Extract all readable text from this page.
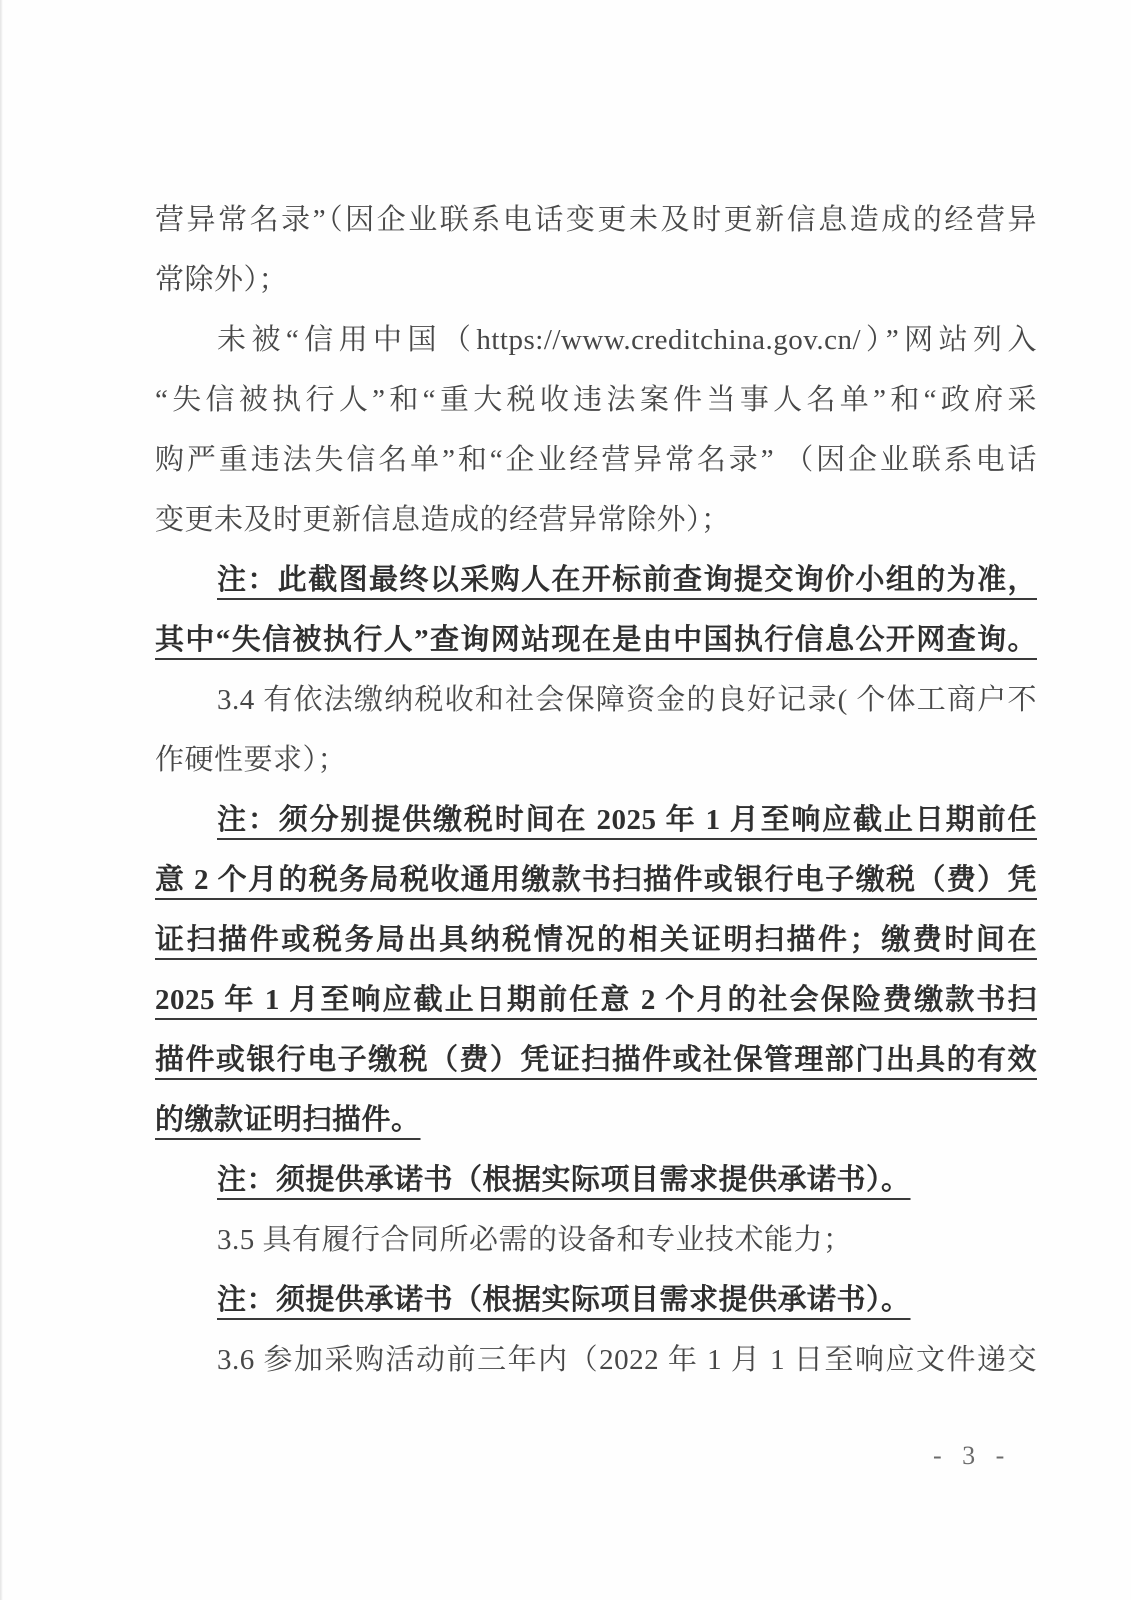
营异常名录”（因企业联系电话变更未及时更新信息造成的经营异
常除外）；
未被“信用中国（https://www.creditchina.gov.cn/）”网站列入
“失信被执行人”和“重大税收违法案件当事人名单”和“政府采
购严重违法失信名单”和“企业经营异常名录” （因企业联系电话
变更未及时更新信息造成的经营异常除外）；
注：此截图最终以采购人在开标前查询提交询价小组的为准，
其中“失信被执行人”查询网站现在是由中国执行信息公开网查询。
3.4 有依法缴纳税收和社会保障资金的良好记录( 个体工商户不
作硬性要求）；
注：须分别提供缴税时间在 2025 年 1 月至响应截止日期前任
意 2 个月的税务局税收通用缴款书扫描件或银行电子缴税（费）凭
证扫描件或税务局出具纳税情况的相关证明扫描件；缴费时间在
2025 年 1 月至响应截止日期前任意 2 个月的社会保险费缴款书扫
描件或银行电子缴税（费）凭证扫描件或社保管理部门出具的有效
的缴款证明扫描件。
注：须提供承诺书（根据实际项目需求提供承诺书）。
3.5 具有履行合同所必需的设备和专业技术能力；
注：须提供承诺书（根据实际项目需求提供承诺书）。
3.6 参加采购活动前三年内（2022 年 1 月 1 日至响应文件递交
- 3 -
